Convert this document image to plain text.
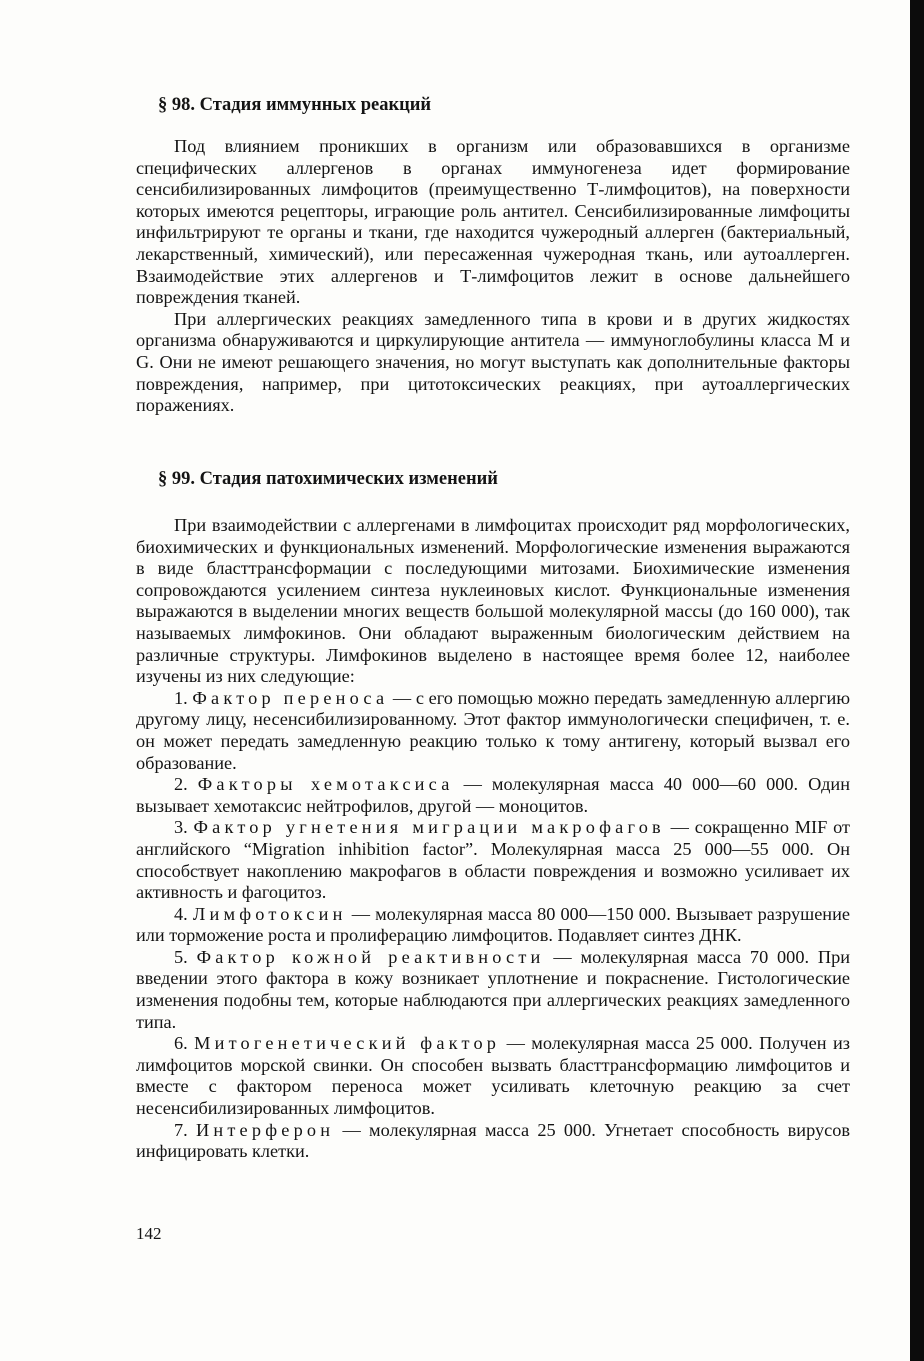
§ 98. Стадия иммунных реакций

Под влиянием проникших в организм или образовавшихся в организме специфических аллергенов в органах иммуногенеза идет формирование сенсибилизированных лимфоцитов (преимущественно Т-лимфоцитов), на поверхности которых имеются рецепторы, играющие роль антител. Сенсибилизированные лимфоциты инфильтрируют те органы и ткани, где находится чужеродный аллерген (бактериальный, лекарственный, химический), или пересаженная чужеродная ткань, или аутоаллерген. Взаимодействие этих аллергенов и Т-лимфоцитов лежит в основе дальнейшего повреждения тканей.

При аллергических реакциях замедленного типа в крови и в других жидкостях организма обнаруживаются и циркулирующие антитела — иммуноглобулины класса М и G. Они не имеют решающего значения, но могут выступать как дополнительные факторы повреждения, например, при цитотоксических реакциях, при аутоаллергических поражениях.

§ 99. Стадия патохимических изменений

При взаимодействии с аллергенами в лимфоцитах происходит ряд морфологических, биохимических и функциональных изменений. Морфологические изменения выражаются в виде бласттрансформации с последующими митозами. Биохимические изменения сопровождаются усилением синтеза нуклеиновых кислот. Функциональные изменения выражаются в выделении многих веществ большой молекулярной массы (до 160 000), так называемых лимфокинов. Они обладают выраженным биологическим действием на различные структуры. Лимфокинов выделено в настоящее время более 12, наиболее изучены из них следующие:

1. Фактор переноса — с его помощью можно передать замедленную аллергию другому лицу, несенсибилизированному. Этот фактор иммунологически специфичен, т. е. он может передать замедленную реакцию только к тому антигену, который вызвал его образование.

2. Факторы хемотаксиса — молекулярная масса 40 000—60 000. Один вызывает хемотаксис нейтрофилов, другой — моноцитов.

3. Фактор угнетения миграции макрофагов — сокращенно MIF от английского “Migration inhibition factor”. Молекулярная масса 25 000—55 000. Он способствует накоплению макрофагов в области повреждения и возможно усиливает их активность и фагоцитоз.

4. Лимфотоксин — молекулярная масса 80 000—150 000. Вызывает разрушение или торможение роста и пролиферацию лимфоцитов. Подавляет синтез ДНК.

5. Фактор кожной реактивности — молекулярная масса 70 000. При введении этого фактора в кожу возникает уплотнение и покраснение. Гистологические изменения подобны тем, которые наблюдаются при аллергических реакциях замедленного типа.

6. Митогенетический фактор — молекулярная масса 25 000. Получен из лимфоцитов морской свинки. Он способен вызвать бласттрансформацию лимфоцитов и вместе с фактором переноса может усиливать клеточную реакцию за счет несенсибилизированных лимфоцитов.

7. Интерферон — молекулярная масса 25 000. Угнетает способность вирусов инфицировать клетки.

142
